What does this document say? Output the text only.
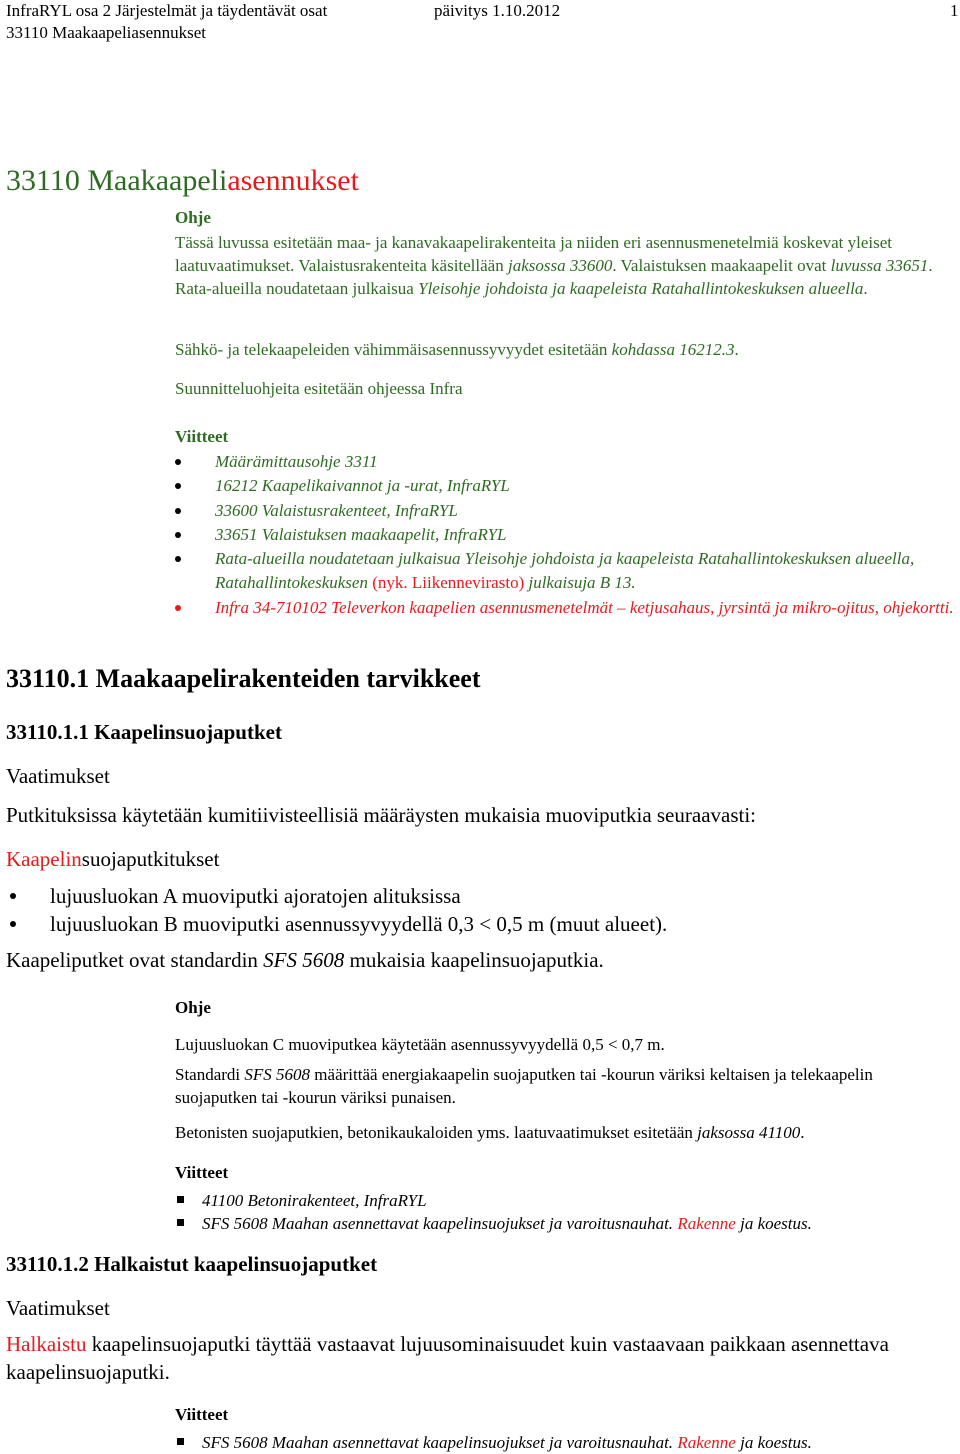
InfraRYL osa 2 Järjestelmät ja täydentävät osat	päivitys 1.10.2012
33110 Maakaapeliasennukset
1
33110 Maakaapeliasennukset
Ohje
Tässä luvussa esitetään maa- ja kanavakaapelirakenteita ja niiden eri asennusmenetelmiä koskevat yleiset laatuvaatimukset. Valaistusrakenteita käsitellään jaksossa 33600. Valaistuksen maakaapelit ovat luvussa 33651. Rata-alueilla noudatetaan julkaisua Yleisohje johdoista ja kaapeleista Ratahallintokeskuksen alueella.
Sähkö- ja telekaapeleiden vähimmäisasennussyvyydet esitetään kohdassa 16212.3.
Suunnitteluohjeita esitetään ohjeessa Infra
Viitteet
Määrämittausohje 3311
16212 Kaapelikaivannot ja -urat, InfraRYL
33600 Valaistusrakenteet, InfraRYL
33651 Valaistuksen maakaapelit, InfraRYL
Rata-alueilla noudatetaan julkaisua Yleisohje johdoista ja kaapeleista Ratahallintokeskuksen alueella, Ratahallintokeskuksen (nyk. Liikennevirasto) julkaisuja B 13.
Infra 34-710102 Televerkon kaapelien asennusmenetelmät – ketjusahaus, jyrsintä ja mikro-ojitus, ohjekortti.
33110.1 Maakaapelirakenteiden tarvikkeet
33110.1.1 Kaapelinsuojaputket
Vaatimukset
Putkituksissa käytetään kumitiivisteellisiä määräysten mukaisia muoviputkia seuraavasti:
Kaapelinsuojaputkitukset
lujuusluokan A muoviputki ajoratojen alituksissa
lujuusluokan B muoviputki asennussyvyydellä 0,3 < 0,5 m (muut alueet).
Kaapeliputket ovat standardin SFS 5608 mukaisia kaapelinsuojaputkia.
Ohje
Lujuusluokan C muoviputkea käytetään asennussyvyydellä 0,5 < 0,7 m.
Standardi SFS 5608 määrittää energiakaapelin suojaputken tai -kourun väriksi keltaisen ja telekaapelin suojaputken tai -kourun väriksi punaisen.
Betonisten suojaputkien, betonikaukaloiden yms. laatuvaatimukset esitetään jaksossa 41100.
Viitteet
41100 Betonirakenteet, InfraRYL
SFS 5608 Maahan asennettavat kaapelinsuojukset ja varoitusnauhat. Rakenne ja koestus.
33110.1.2 Halkaistut kaapelinsuojaputket
Vaatimukset
Halkaistu kaapelinsuojaputki täyttää vastaavat lujuusominaisuudet kuin vastaavaan paikkaan asennettava kaapelinsuojaputki.
Viitteet
SFS 5608 Maahan asennettavat kaapelinsuojukset ja varoitusnauhat. Rakenne ja koestus.
